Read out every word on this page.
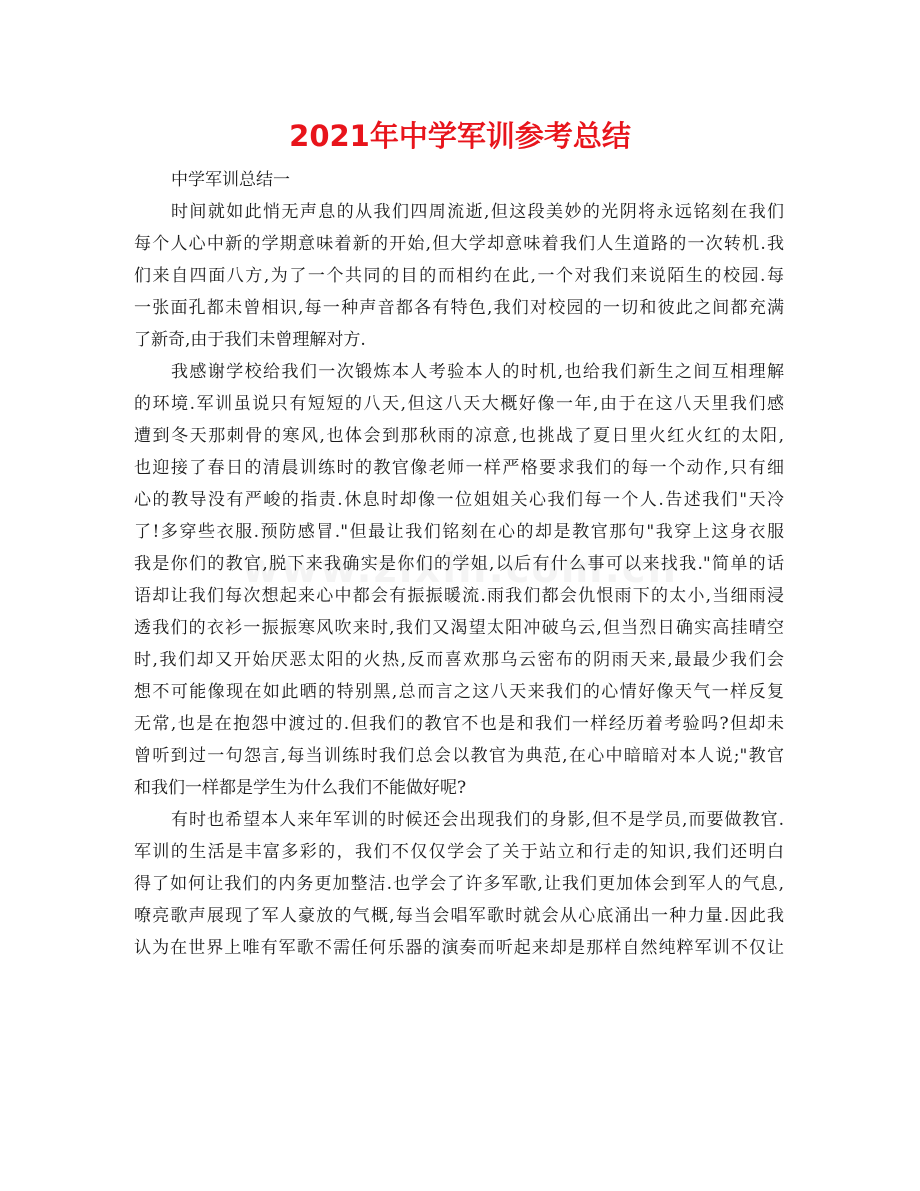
2021年中学军训参考总结
中学军训总结一
时间就如此悄无声息的从我们四周流逝,但这段美妙的光阴将永远铭刻在我们
每个人心中新的学期意味着新的开始,但大学却意味着我们人生道路的一次转机.我
们来自四面八方,为了一个共同的目的而相约在此,一个对我们来说陌生的校园.每
一张面孔都未曾相识,每一种声音都各有特色,我们对校园的一切和彼此之间都充满
了新奇,由于我们未曾理解对方.
我感谢学校给我们一次锻炼本人考验本人的时机,也给我们新生之间互相理解
的环境.军训虽说只有短短的八天,但这八天大概好像一年,由于在这八天里我们感
遭到冬天那刺骨的寒风,也体会到那秋雨的凉意,也挑战了夏日里火红火红的太阳,
也迎接了春日的清晨训练时的教官像老师一样严格要求我们的每一个动作,只有细
心的教导没有严峻的指责.休息时却像一位姐姐关心我们每一个人.告述我们"天冷
了!多穿些衣服.预防感冒."但最让我们铭刻在心的却是教官那句"我穿上这身衣服
我是你们的教官,脱下来我确实是你们的学姐,以后有什么事可以来找我."简单的话
语却让我们每次想起来心中都会有振振暖流.雨我们都会仇恨雨下的太小,当细雨浸
透我们的衣衫一振振寒风吹来时,我们又渴望太阳冲破乌云,但当烈日确实高挂晴空
时,我们却又开始厌恶太阳的火热,反而喜欢那乌云密布的阴雨天来,最最少我们会
想不可能像现在如此晒的特别黑,总而言之这八天来我们的心情好像天气一样反复
无常,也是在抱怨中渡过的.但我们的教官不也是和我们一样经历着考验吗?但却未
曾听到过一句怨言,每当训练时我们总会以教官为典范,在心中暗暗对本人说;"教官
和我们一样都是学生为什么我们不能做好呢?
有时也希望本人来年军训的时候还会出现我们的身影,但不是学员,而要做教官.
军训的生活是丰富多彩的，我们不仅仅学会了关于站立和行走的知识,我们还明白
得了如何让我们的内务更加整洁.也学会了许多军歌,让我们更加体会到军人的气息,
嘹亮歌声展现了军人豪放的气概,每当会唱军歌时就会从心底涌出一种力量.因此我
认为在世界上唯有军歌不需任何乐器的演奏而听起来却是那样自然纯粹军训不仅让
